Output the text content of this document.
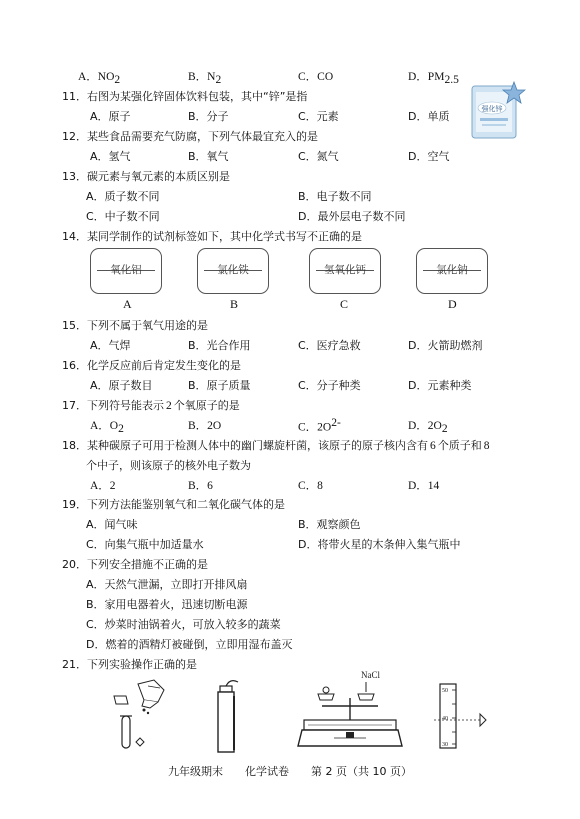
A．$NO_2$	B．$N_2$	C．CO	D．$PM_{2.5}$
11．右图为某强化锌固体饮料包装，其中“锌”是指
A．原子	B．分子	C．元素	D．单质
强化锌
12．某些食品需要充气防腐，下列气体最宜充入的是
A．氢气	B．氧气	C．氮气	D．空气
13．碳元素与氧元素的本质区别是
A．质子数不同	B．电子数不同
C．中子数不同	D．最外层电子数不同
14．某同学制作的试剂标签如下，其中化学式书写不正确的是
氧化铝	氯化铁	氢氧化钙	氯化钠
A	B	C	D
15．下列不属于氧气用途的是
A．气焊	B．光合作用	C．医疗急救	D．火箭助燃剂
16．化学反应前后肯定发生变化的是
A．原子数目	B．原子质量	C．分子种类	D．元素种类
17．下列符号能表示 2 个氧原子的是
A．$O_2$	B．2O	C．$2O^{2-}$	D．$2O_2$
18．某种碳原子可用于检测人体中的幽门螺旋杆菌，该原子的原子核内含有 6 个质子和 8
个中子，则该原子的核外电子数为
A．2	B．6	C．8	D．14
19．下列方法能鉴别氧气和二氧化碳气体的是
A．闻气味	B．观察颜色
C．向集气瓶中加适量水	D．将带火星的木条伸入集气瓶中
20．下列安全措施不正确的是
A．天然气泄漏，立即打开排风扇
B．家用电器着火，迅速切断电源
C．炒菜时油锅着火，可放入较多的蔬菜
D．燃着的酒精灯被碰倒，立即用湿布盖灭
21．下列实验操作正确的是
NaCl
50
40
30
九年级期末　　化学试卷　　第 2 页（共 10 页）
